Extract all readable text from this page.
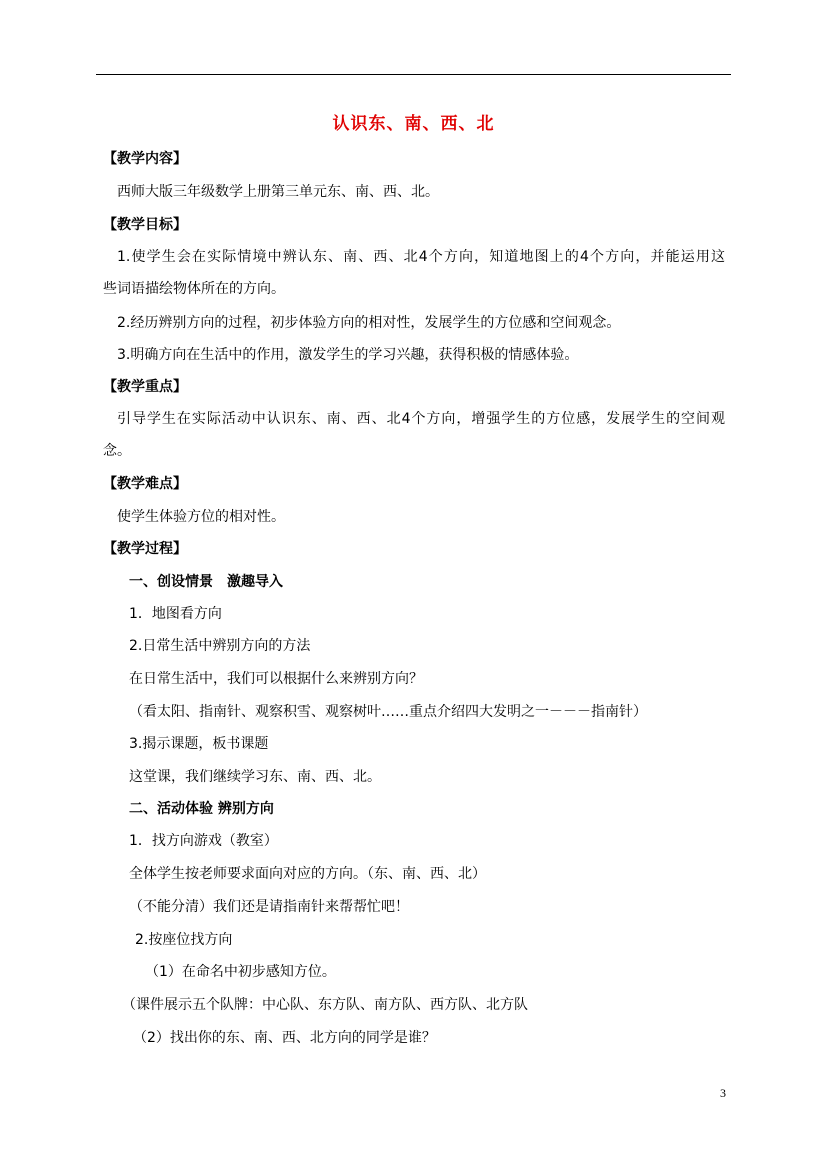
认识东、南、西、北
【教学内容】
西师大版三年级数学上册第三单元东、南、西、北。
【教学目标】
1.使学生会在实际情境中辨认东、南、西、北4个方向，知道地图上的4个方向，并能运用这
些词语描绘物体所在的方向。
2.经历辨别方向的过程，初步体验方向的相对性，发展学生的方位感和空间观念。
3.明确方向在生活中的作用，激发学生的学习兴趣，获得积极的情感体验。
【教学重点】
引导学生在实际活动中认识东、南、西、北4个方向，增强学生的方位感，发展学生的空间观
念。
【教学难点】
使学生体验方位的相对性。
【教学过程】
一、创设情景　激趣导入
1．地图看方向
2.日常生活中辨别方向的方法
在日常生活中，我们可以根据什么来辨别方向？
（看太阳、指南针、观察积雪、观察树叶……重点介绍四大发明之一－－－指南针）
3.揭示课题，板书课题
这堂课，我们继续学习东、南、西、北。
二、活动体验 辨别方向
1．找方向游戏（教室）
全体学生按老师要求面向对应的方向。（东、南、西、北）
（不能分清）我们还是请指南针来帮帮忙吧！
2.按座位找方向
（1）在命名中初步感知方位。
（课件展示五个队牌：中心队、东方队、南方队、西方队、北方队
（2）找出你的东、南、西、北方向的同学是谁？
3
